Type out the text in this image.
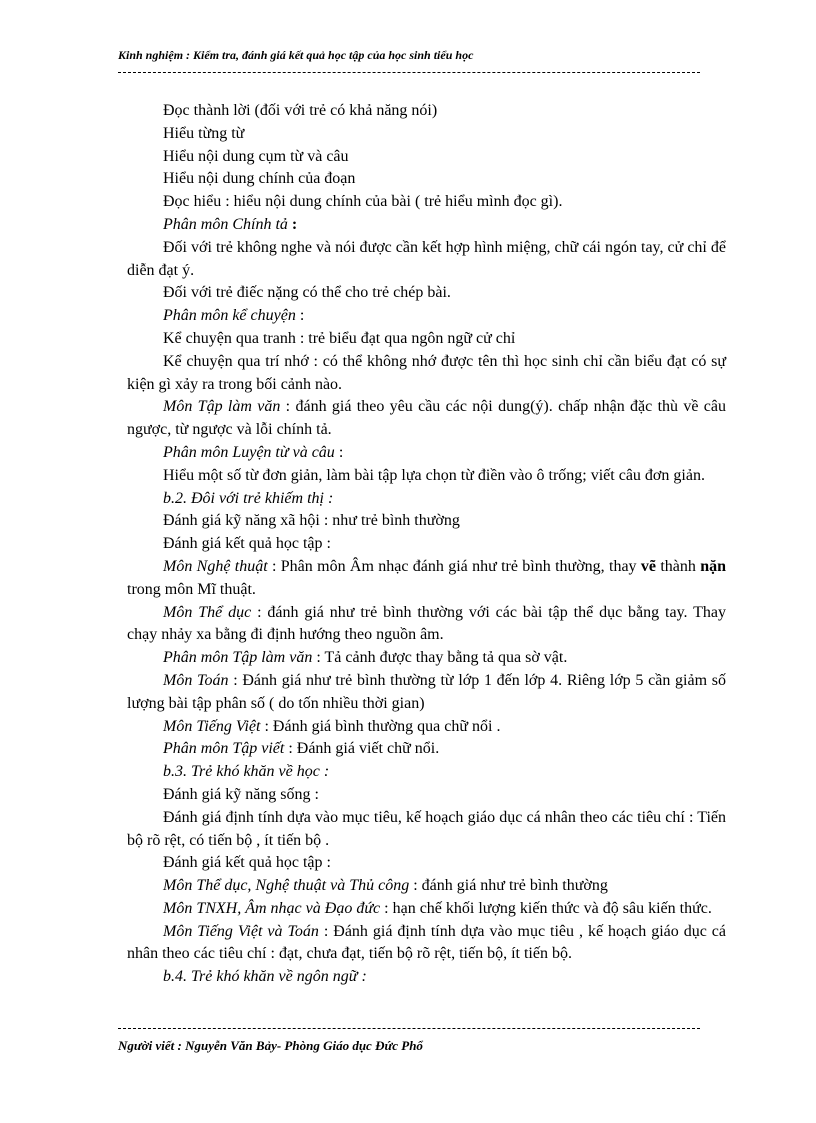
Kinh nghiệm : Kiểm tra, đánh giá kết quả học tập của học sinh tiểu học

Đọc thành lời (đối với trẻ có khả năng nói)

Hiểu từng từ

Hiểu nội dung cụm từ và câu

Hiểu nội dung chính của đoạn

Đọc hiểu : hiểu nội dung chính của bài ( trẻ hiểu mình đọc gì).

Phân môn Chính tả :

Đối với trẻ không nghe và nói được cần kết hợp hình miệng, chữ cái ngón tay, cử chỉ để diễn đạt ý.

Đối với trẻ điếc nặng có thể cho trẻ chép bài.

Phân môn kể chuyện :

Kể chuyện qua tranh : trẻ biểu đạt qua ngôn ngữ cử chỉ

Kể chuyện qua trí nhớ : có thể không nhớ được tên thì học sinh chỉ cần biểu đạt có sự kiện gì xảy ra trong bối cảnh nào.

Môn Tập làm văn : đánh giá theo yêu cầu các nội dung(ý). chấp nhận đặc thù về câu ngược, từ ngược và lỗi chính tả.

Phân môn Luyện từ và câu :

Hiểu một số từ đơn giản, làm bài tập lựa chọn từ điền vào ô trống; viết câu đơn giản.

b.2. Đôi với trẻ khiếm thị :

Đánh giá kỹ năng xã hội : như trẻ bình thường

Đánh giá kết quả học tập :

Môn Nghệ thuật : Phân môn Âm nhạc đánh giá như trẻ bình thường, thay vẽ thành nặn trong môn Mĩ thuật.

Môn Thể dục : đánh giá như trẻ bình thường với các bài tập thể dục bằng tay. Thay chạy nhảy xa bằng đi định hướng theo nguồn âm.

Phân môn Tập làm văn : Tả cảnh được thay bằng tả qua sờ vật.

Môn Toán : Đánh giá như trẻ bình thường từ lớp 1 đến lớp 4. Riêng lớp 5 cần giảm số lượng bài tập phân số ( do tốn nhiều thời gian)

Môn Tiếng Việt : Đánh giá bình thường qua chữ nổi .

Phân môn Tập viết : Đánh giá viết chữ nổi.

b.3. Trẻ khó khăn về học :

Đánh giá kỹ năng sống :

Đánh giá định tính dựa vào mục tiêu, kế hoạch giáo dục cá nhân theo các tiêu chí : Tiến bộ rõ rệt, có tiến bộ , ít tiến bộ .

Đánh giá kết quả học tập :

Môn Thể dục, Nghệ thuật và Thủ công : đánh giá như trẻ bình thường

Môn TNXH, Âm nhạc và Đạo đức : hạn chế khối lượng kiến thức và độ sâu kiến thức.

Môn Tiếng Việt và Toán : Đánh giá định tính dựa vào mục tiêu , kế hoạch giáo dục cá nhân theo các tiêu chí : đạt, chưa đạt, tiến bộ rõ rệt, tiến bộ, ít tiến bộ.

b.4. Trẻ khó khăn về ngôn ngữ :

Người viết : Nguyễn Văn Bảy- Phòng Giáo dục Đức Phổ
